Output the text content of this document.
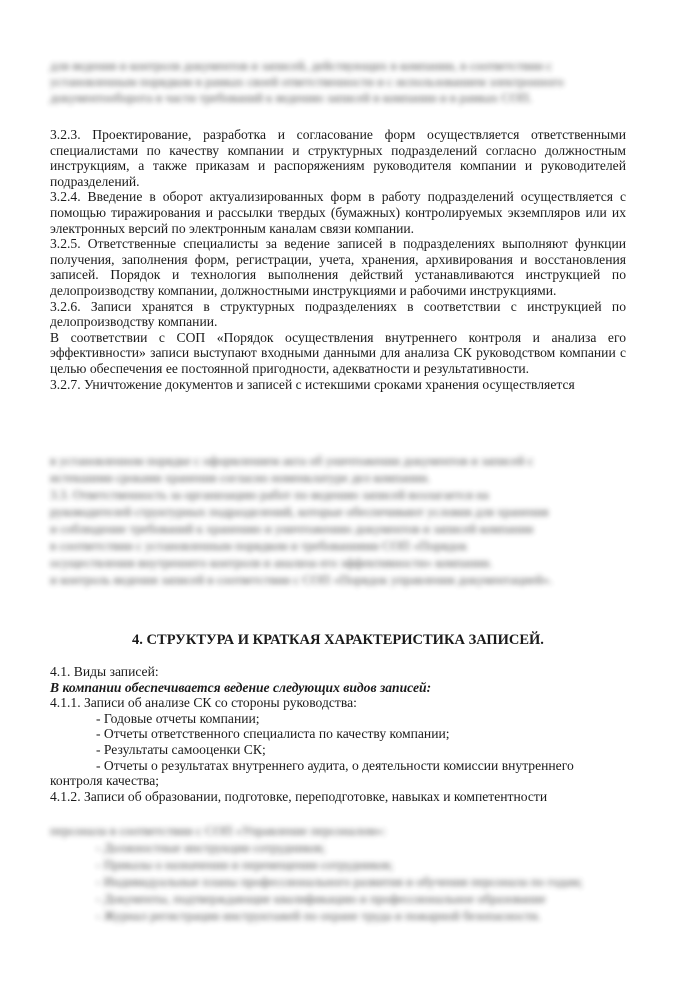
для ведения и контроля документов и записей, действующих в компании, в соответствии с
установленным порядком в рамках своей ответственности и с использованием электронного
документооборота в части требований к ведению записей в компании и в рамках СОП.

3.2.3. Проектирование, разработка и согласование форм осуществляется ответственными специалистами по качеству компании и структурных подразделений согласно должностным инструкциям, а также приказам и распоряжениям руководителя компании и руководителей подразделений.

3.2.4. Введение в оборот актуализированных форм в работу подразделений осуществляется с помощью тиражирования и рассылки твердых (бумажных) контролируемых экземпляров или их электронных версий по электронным каналам связи компании.

3.2.5. Ответственные специалисты за ведение записей в подразделениях выполняют функции получения, заполнения форм, регистрации, учета, хранения, архивирования и восстановления записей. Порядок и технология выполнения действий устанавливаются инструкцией по делопроизводству компании, должностными инструкциями и рабочими инструкциями.

3.2.6. Записи хранятся в структурных подразделениях в соответствии с инструкцией по делопроизводству компании.

В соответствии с СОП «Порядок осуществления внутреннего контроля и анализа его эффективности» записи выступают входными данными для анализа СК руководством компании с целью обеспечения ее постоянной пригодности, адекватности и результативности.

3.2.7. Уничтожение документов и записей с истекшими сроками хранения осуществляется

в установленном порядке с оформлением акта об уничтожении документов и записей с
истекшими сроками хранения согласно номенклатуре дел компании.
3.3. Ответственность за организацию работ по ведению записей возлагается на
руководителей структурных подразделений, которые обеспечивают условия для хранения
и соблюдение требований к хранению и уничтожению документов и записей компании
в соответствии с установленным порядком и требованиями СОП «Порядок
осуществления внутреннего контроля и анализа его эффективности» компании.
и контроль ведения записей в соответствии с СОП «Порядок управления документацией».
4. СТРУКТУРА И КРАТКАЯ ХАРАКТЕРИСТИКА ЗАПИСЕЙ.
4.1. Виды записей:
В компании обеспечивается ведение следующих видов записей:
4.1.1. Записи об анализе СК со стороны руководства:
- Годовые отчеты компании;
- Отчеты ответственного специалиста по качеству компании;
- Результаты самооценки СК;
- Отчеты о результатах внутреннего аудита, о деятельности комиссии внутреннего
контроля качества;
4.1.2. Записи об образовании, подготовке, переподготовке, навыках и компетентности
персонала в соответствии с СОП «Управление персоналом»:
- Должностные инструкции сотрудников;
- Приказы о назначении и перемещении сотрудников;
- Индивидуальные планы профессионального развития и обучения персонала по годам;
- Документы, подтверждающие квалификацию и профессиональное образование
- Журнал регистрации инструктажей по охране труда и пожарной безопасности.
